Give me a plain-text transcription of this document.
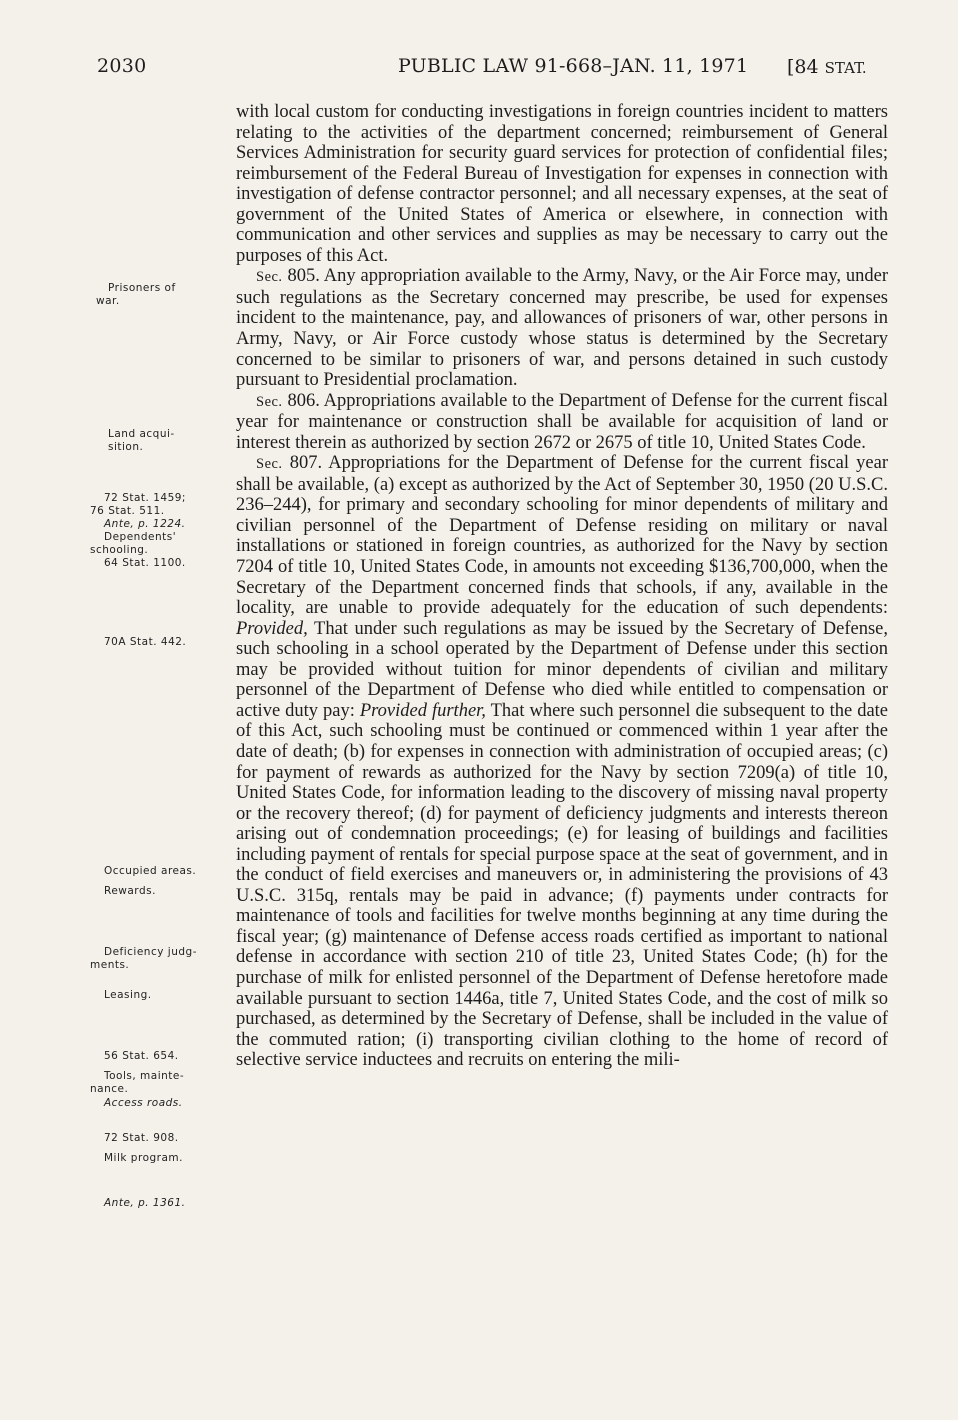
2030	PUBLIC LAW 91-668–JAN. 11, 1971 [84 STAT.
Prisoners of
war.
Land acqui-
sition.
72 Stat. 1459;
76 Stat. 511.
Ante, p. 1224.
Dependents'
schooling.
64 Stat. 1100.
70A Stat. 442.
Occupied areas.
Rewards.
Deficiency judg-
ments.
Leasing.
56 Stat. 654.
Tools, mainte-
nance.
Access roads.
72 Stat. 908.
Milk program.
Ante, p. 1361.

with local custom for conducting investigations in foreign countries incident to matters relating to the activities of the department concerned; reimbursement of General Services Administration for security guard services for protection of confidential files; reimbursement of the Federal Bureau of Investigation for expenses in connection with investigation of defense contractor personnel; and all necessary expenses, at the seat of government of the United States of America or elsewhere, in connection with communication and other services and supplies as may be necessary to carry out the purposes of this Act.

Sec. 805. Any appropriation available to the Army, Navy, or the Air Force may, under such regulations as the Secretary concerned may prescribe, be used for expenses incident to the maintenance, pay, and allowances of prisoners of war, other persons in Army, Navy, or Air Force custody whose status is determined by the Secretary concerned to be similar to prisoners of war, and persons detained in such custody pursuant to Presidential proclamation.

Sec. 806. Appropriations available to the Department of Defense for the current fiscal year for maintenance or construction shall be available for acquisition of land or interest therein as authorized by section 2672 or 2675 of title 10, United States Code.

Sec. 807. Appropriations for the Department of Defense for the current fiscal year shall be available, (a) except as authorized by the Act of September 30, 1950 (20 U.S.C. 236–244), for primary and secondary schooling for minor dependents of military and civilian personnel of the Department of Defense residing on military or naval installations or stationed in foreign countries, as authorized for the Navy by section 7204 of title 10, United States Code, in amounts not exceeding $136,700,000, when the Secretary of the Department concerned finds that schools, if any, available in the locality, are unable to provide adequately for the education of such dependents: Provided, That under such regulations as may be issued by the Secretary of Defense, such schooling in a school operated by the Department of Defense under this section may be provided without tuition for minor dependents of civilian and military personnel of the Department of Defense who died while entitled to compensation or active duty pay: Provided further, That where such personnel die subsequent to the date of this Act, such schooling must be continued or commenced within 1 year after the date of death; (b) for expenses in connection with administration of occupied areas; (c) for payment of rewards as authorized for the Navy by section 7209(a) of title 10, United States Code, for information leading to the discovery of missing naval property or the recovery thereof; (d) for payment of deficiency judgments and interests thereon arising out of condemnation proceedings; (e) for leasing of buildings and facilities including payment of rentals for special purpose space at the seat of government, and in the conduct of field exercises and maneuvers or, in administering the provisions of 43 U.S.C. 315q, rentals may be paid in advance; (f) payments under contracts for maintenance of tools and facilities for twelve months beginning at any time during the fiscal year; (g) maintenance of Defense access roads certified as important to national defense in accordance with section 210 of title 23, United States Code; (h) for the purchase of milk for enlisted personnel of the Department of Defense heretofore made available pursuant to section 1446a, title 7, United States Code, and the cost of milk so purchased, as determined by the Secretary of Defense, shall be included in the value of the commuted ration; (i) transporting civilian clothing to the home of record of selective service inductees and recruits on entering the mili-
